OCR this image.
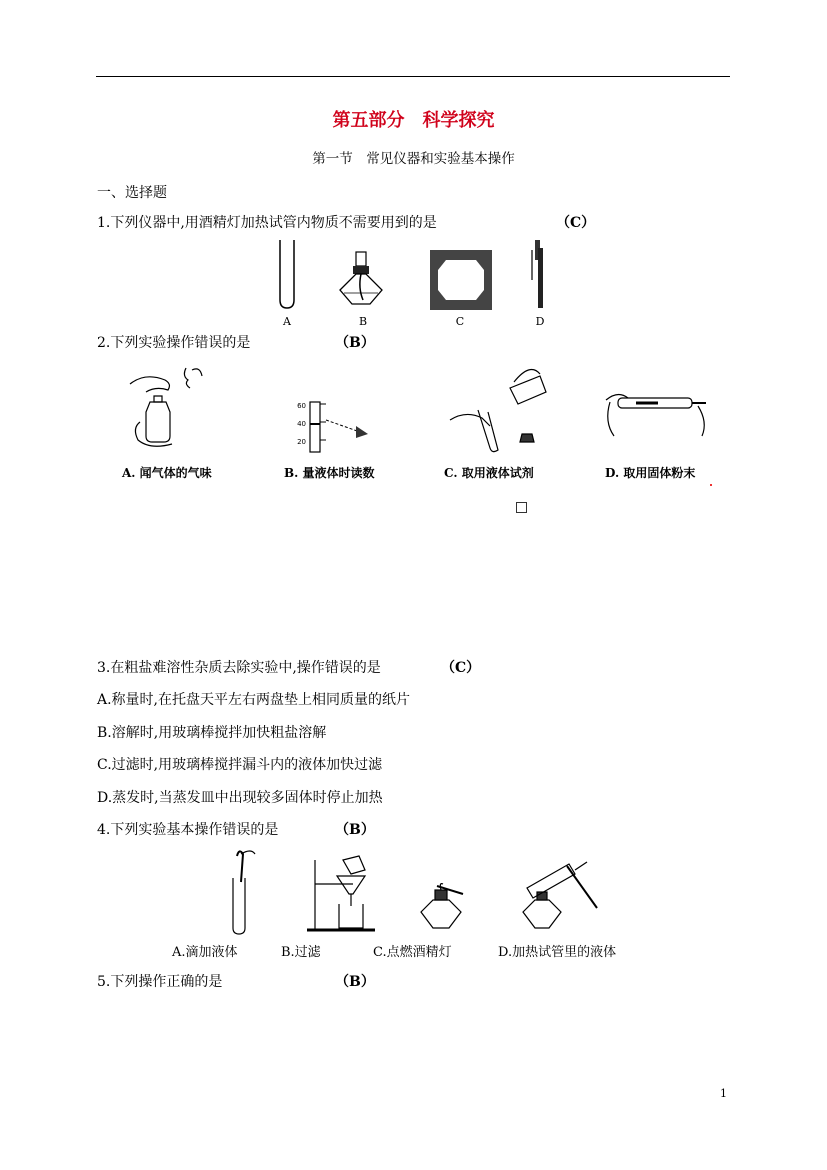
第五部分　科学探究
第一节　常见仪器和实验基本操作
一、选择题
1.下列仪器中,用酒精灯加热试管内物质不需要用到的是	（C）
A	B	C	D
2.下列实验操作错误的是	（B）
60
40
20
A. 闻气体的气味	B. 量液体时读数	C. 取用液体试剂	D. 取用固体粉末
3.在粗盐难溶性杂质去除实验中,操作错误的是	（C）
A.称量时,在托盘天平左右两盘垫上相同质量的纸片
B.溶解时,用玻璃棒搅拌加快粗盐溶解
C.过滤时,用玻璃棒搅拌漏斗内的液体加快过滤
D.蒸发时,当蒸发皿中出现较多固体时停止加热
4.下列实验基本操作错误的是	（B）
A.滴加液体	B.过滤	C.点燃酒精灯	D.加热试管里的液体
5.下列操作正确的是	（B）
1
